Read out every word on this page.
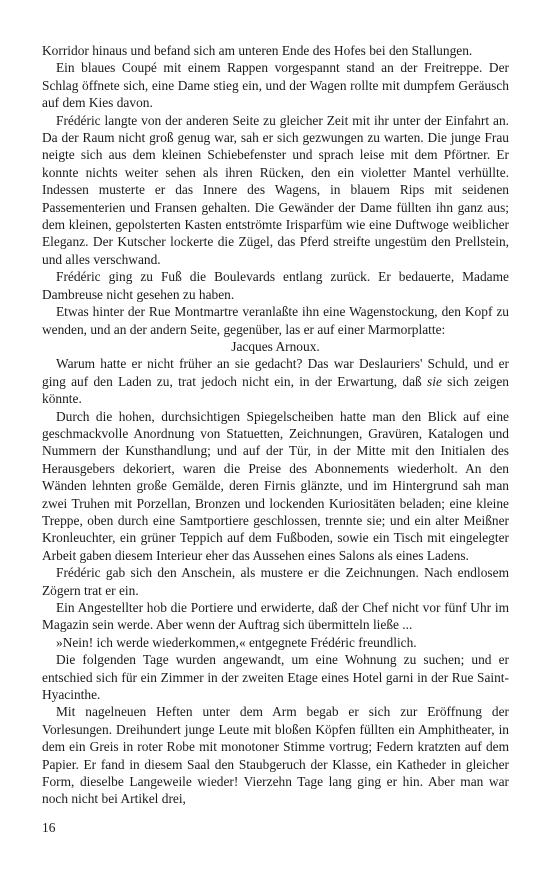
Korridor hinaus und befand sich am unteren Ende des Hofes bei den Stallungen.

Ein blaues Coupé mit einem Rappen vorgespannt stand an der Freitreppe. Der Schlag öffnete sich, eine Dame stieg ein, und der Wagen rollte mit dumpfem Geräusch auf dem Kies davon.

Frédéric langte von der anderen Seite zu gleicher Zeit mit ihr unter der Einfahrt an. Da der Raum nicht groß genug war, sah er sich gezwungen zu warten. Die junge Frau neigte sich aus dem kleinen Schiebefenster und sprach leise mit dem Pförtner. Er konnte nichts weiter sehen als ihren Rücken, den ein violetter Mantel verhüllte. Indessen musterte er das Innere des Wagens, in blauem Rips mit seidenen Passementerien und Fransen gehalten. Die Gewänder der Dame füllten ihn ganz aus; dem kleinen, gepolsterten Kasten entströmte Irisparfüm wie eine Duftwoge weiblicher Eleganz. Der Kutscher lockerte die Zügel, das Pferd streifte ungestüm den Prellstein, und alles verschwand.

Frédéric ging zu Fuß die Boulevards entlang zurück. Er bedauerte, Madame Dambreuse nicht gesehen zu haben.

Etwas hinter der Rue Montmartre veranlaßte ihn eine Wagenstockung, den Kopf zu wenden, und an der andern Seite, gegenüber, las er auf einer Marmorplatte:

Jacques Arnoux.

Warum hatte er nicht früher an sie gedacht? Das war Deslauriers' Schuld, und er ging auf den Laden zu, trat jedoch nicht ein, in der Erwartung, daß sie sich zeigen könnte.

Durch die hohen, durchsichtigen Spiegelscheiben hatte man den Blick auf eine geschmackvolle Anordnung von Statuetten, Zeichnungen, Gravüren, Katalogen und Nummern der Kunsthandlung; und auf der Tür, in der Mitte mit den Initialen des Herausgebers dekoriert, waren die Preise des Abonnements wiederholt. An den Wänden lehnten große Gemälde, deren Firnis glänzte, und im Hintergrund sah man zwei Truhen mit Porzellan, Bronzen und lockenden Kuriositäten beladen; eine kleine Treppe, oben durch eine Samtportiere geschlossen, trennte sie; und ein alter Meißner Kronleuchter, ein grüner Teppich auf dem Fußboden, sowie ein Tisch mit eingelegter Arbeit gaben diesem Interieur eher das Aussehen eines Salons als eines Ladens.

Frédéric gab sich den Anschein, als mustere er die Zeichnungen. Nach endlosem Zögern trat er ein.

Ein Angestellter hob die Portiere und erwiderte, daß der Chef nicht vor fünf Uhr im Magazin sein werde. Aber wenn der Auftrag sich übermitteln ließe ...

»Nein! ich werde wiederkommen,« entgegnete Frédéric freundlich.

Die folgenden Tage wurden angewandt, um eine Wohnung zu suchen; und er entschied sich für ein Zimmer in der zweiten Etage eines Hotel garni in der Rue Saint-Hyacinthe.

Mit nagelneuen Heften unter dem Arm begab er sich zur Eröffnung der Vorlesungen. Dreihundert junge Leute mit bloßen Köpfen füllten ein Amphitheater, in dem ein Greis in roter Robe mit monotoner Stimme vortrug; Federn kratzten auf dem Papier. Er fand in diesem Saal den Staubgeruch der Klasse, ein Katheder in gleicher Form, dieselbe Langeweile wieder! Vierzehn Tage lang ging er hin. Aber man war noch nicht bei Artikel drei,

16
